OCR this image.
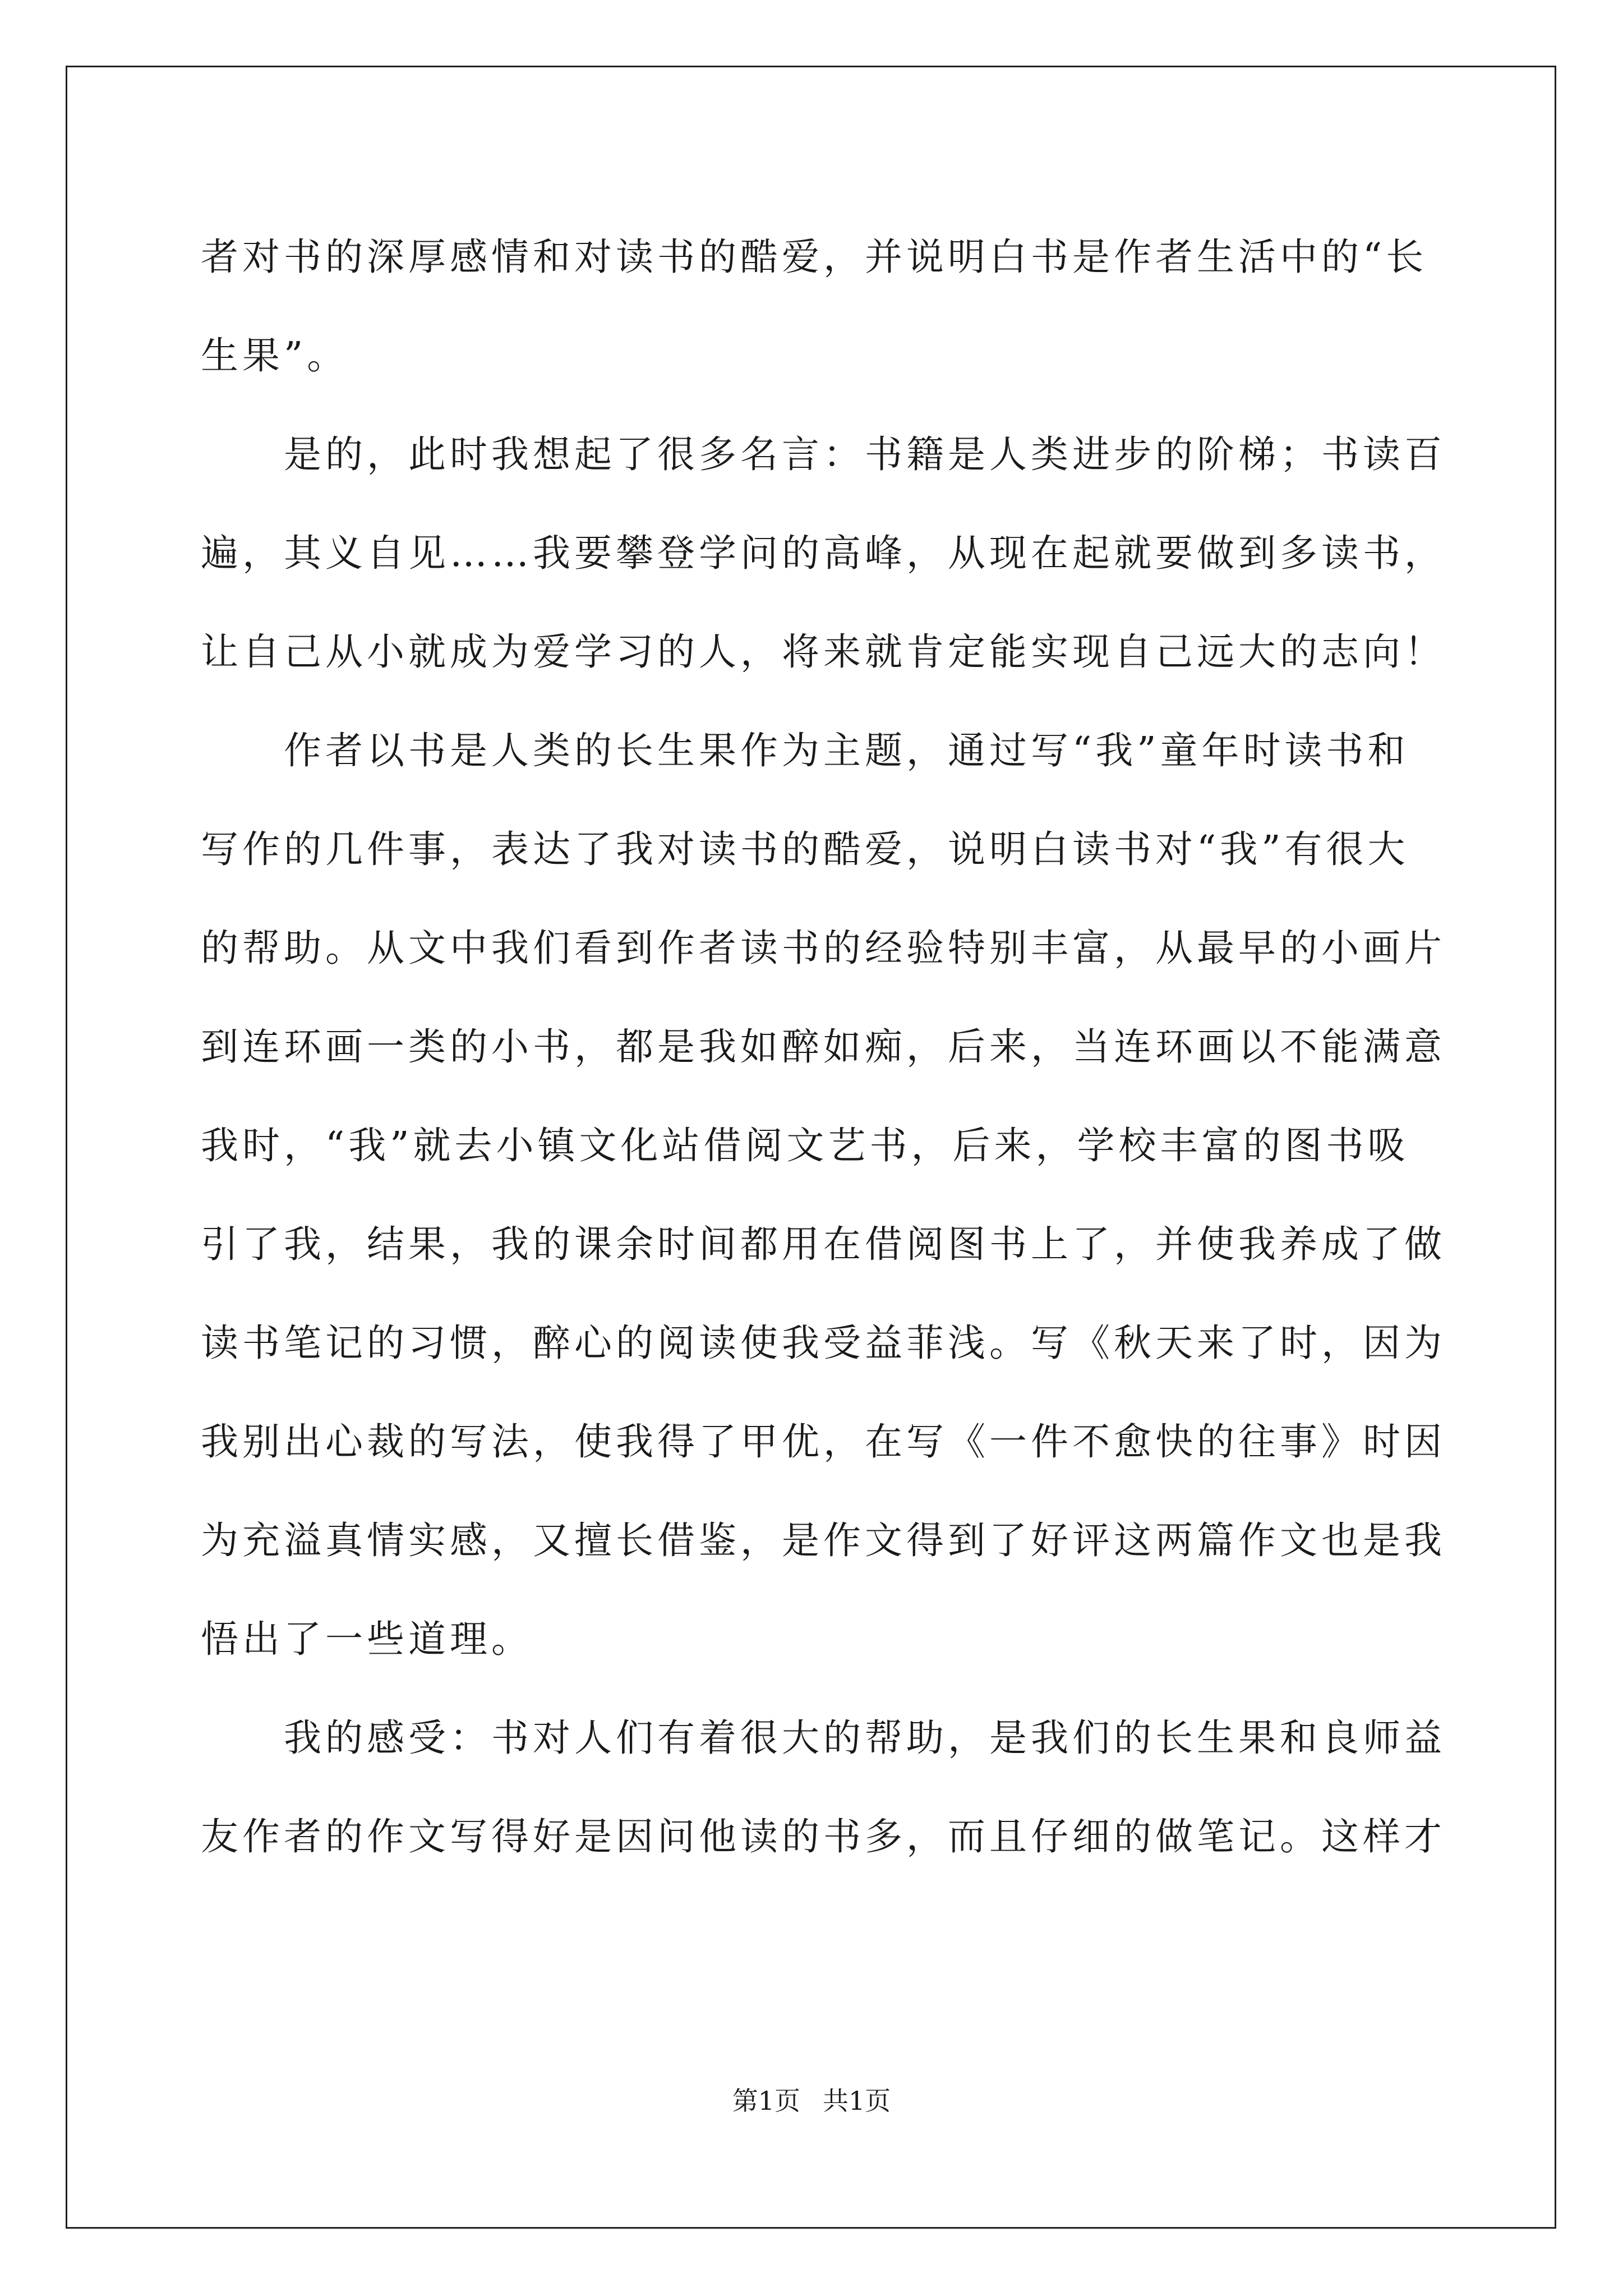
者对书的深厚感情和对读书的酷爱，并说明白书是作者生活中的“长
生果”。
　　是的，此时我想起了很多名言：书籍是人类进步的阶梯；书读百
遍，其义自见……我要攀登学问的高峰，从现在起就要做到多读书，
让自己从小就成为爱学习的人，将来就肯定能实现自己远大的志向！
　　作者以书是人类的长生果作为主题，通过写“我”童年时读书和
写作的几件事，表达了我对读书的酷爱，说明白读书对“我”有很大
的帮助。从文中我们看到作者读书的经验特别丰富，从最早的小画片
到连环画一类的小书，都是我如醉如痴，后来，当连环画以不能满意
我时，“我”就去小镇文化站借阅文艺书，后来，学校丰富的图书吸
引了我，结果，我的课余时间都用在借阅图书上了，并使我养成了做
读书笔记的习惯，醉心的阅读使我受益菲浅。写《秋天来了时，因为
我别出心裁的写法，使我得了甲优，在写《一件不愈快的往事》时因
为充溢真情实感，又擅长借鉴，是作文得到了好评这两篇作文也是我
悟出了一些道理。
　　我的感受：书对人们有着很大的帮助，是我们的长生果和良师益
友作者的作文写得好是因问他读的书多，而且仔细的做笔记。这样才
第1页 共1页
